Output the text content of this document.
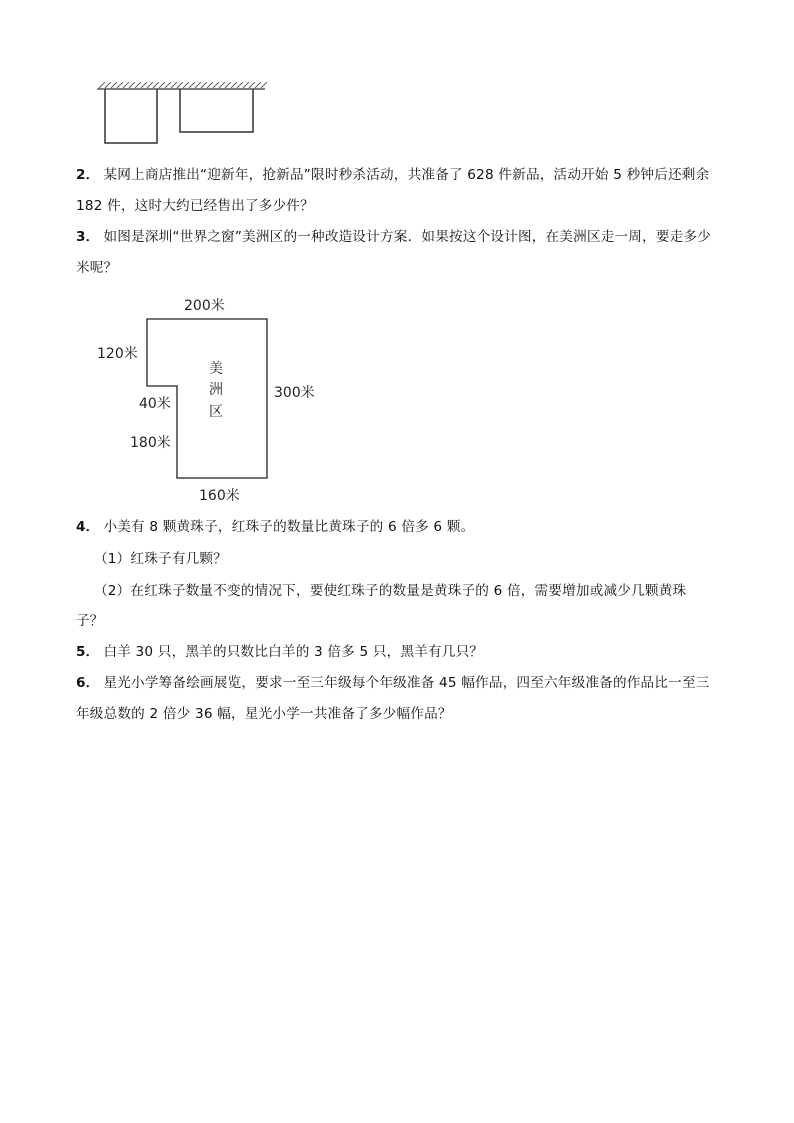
2． 某网上商店推出“迎新年，抢新品”限时秒杀活动，共准备了 628 件新品，活动开始 5 秒钟后还剩余
182 件，这时大约已经售出了多少件？
3． 如图是深圳“世界之窗”美洲区的一种改造设计方案．如果按这个设计图，在美洲区走一周，要走多少
米呢？
200米
120米
40米
180米
300米
160米
美
洲
区
4． 小美有 8 颗黄珠子，红珠子的数量比黄珠子的 6 倍多 6 颗。
（1）红珠子有几颗？
（2）在红珠子数量不变的情况下，要使红珠子的数量是黄珠子的 6 倍，需要增加或减少几颗黄珠
子？
5． 白羊 30 只，黑羊的只数比白羊的 3 倍多 5 只，黑羊有几只？
6． 星光小学筹备绘画展览，要求一至三年级每个年级准备 45 幅作品，四至六年级准备的作品比一至三
年级总数的 2 倍少 36 幅，星光小学一共准备了多少幅作品？
